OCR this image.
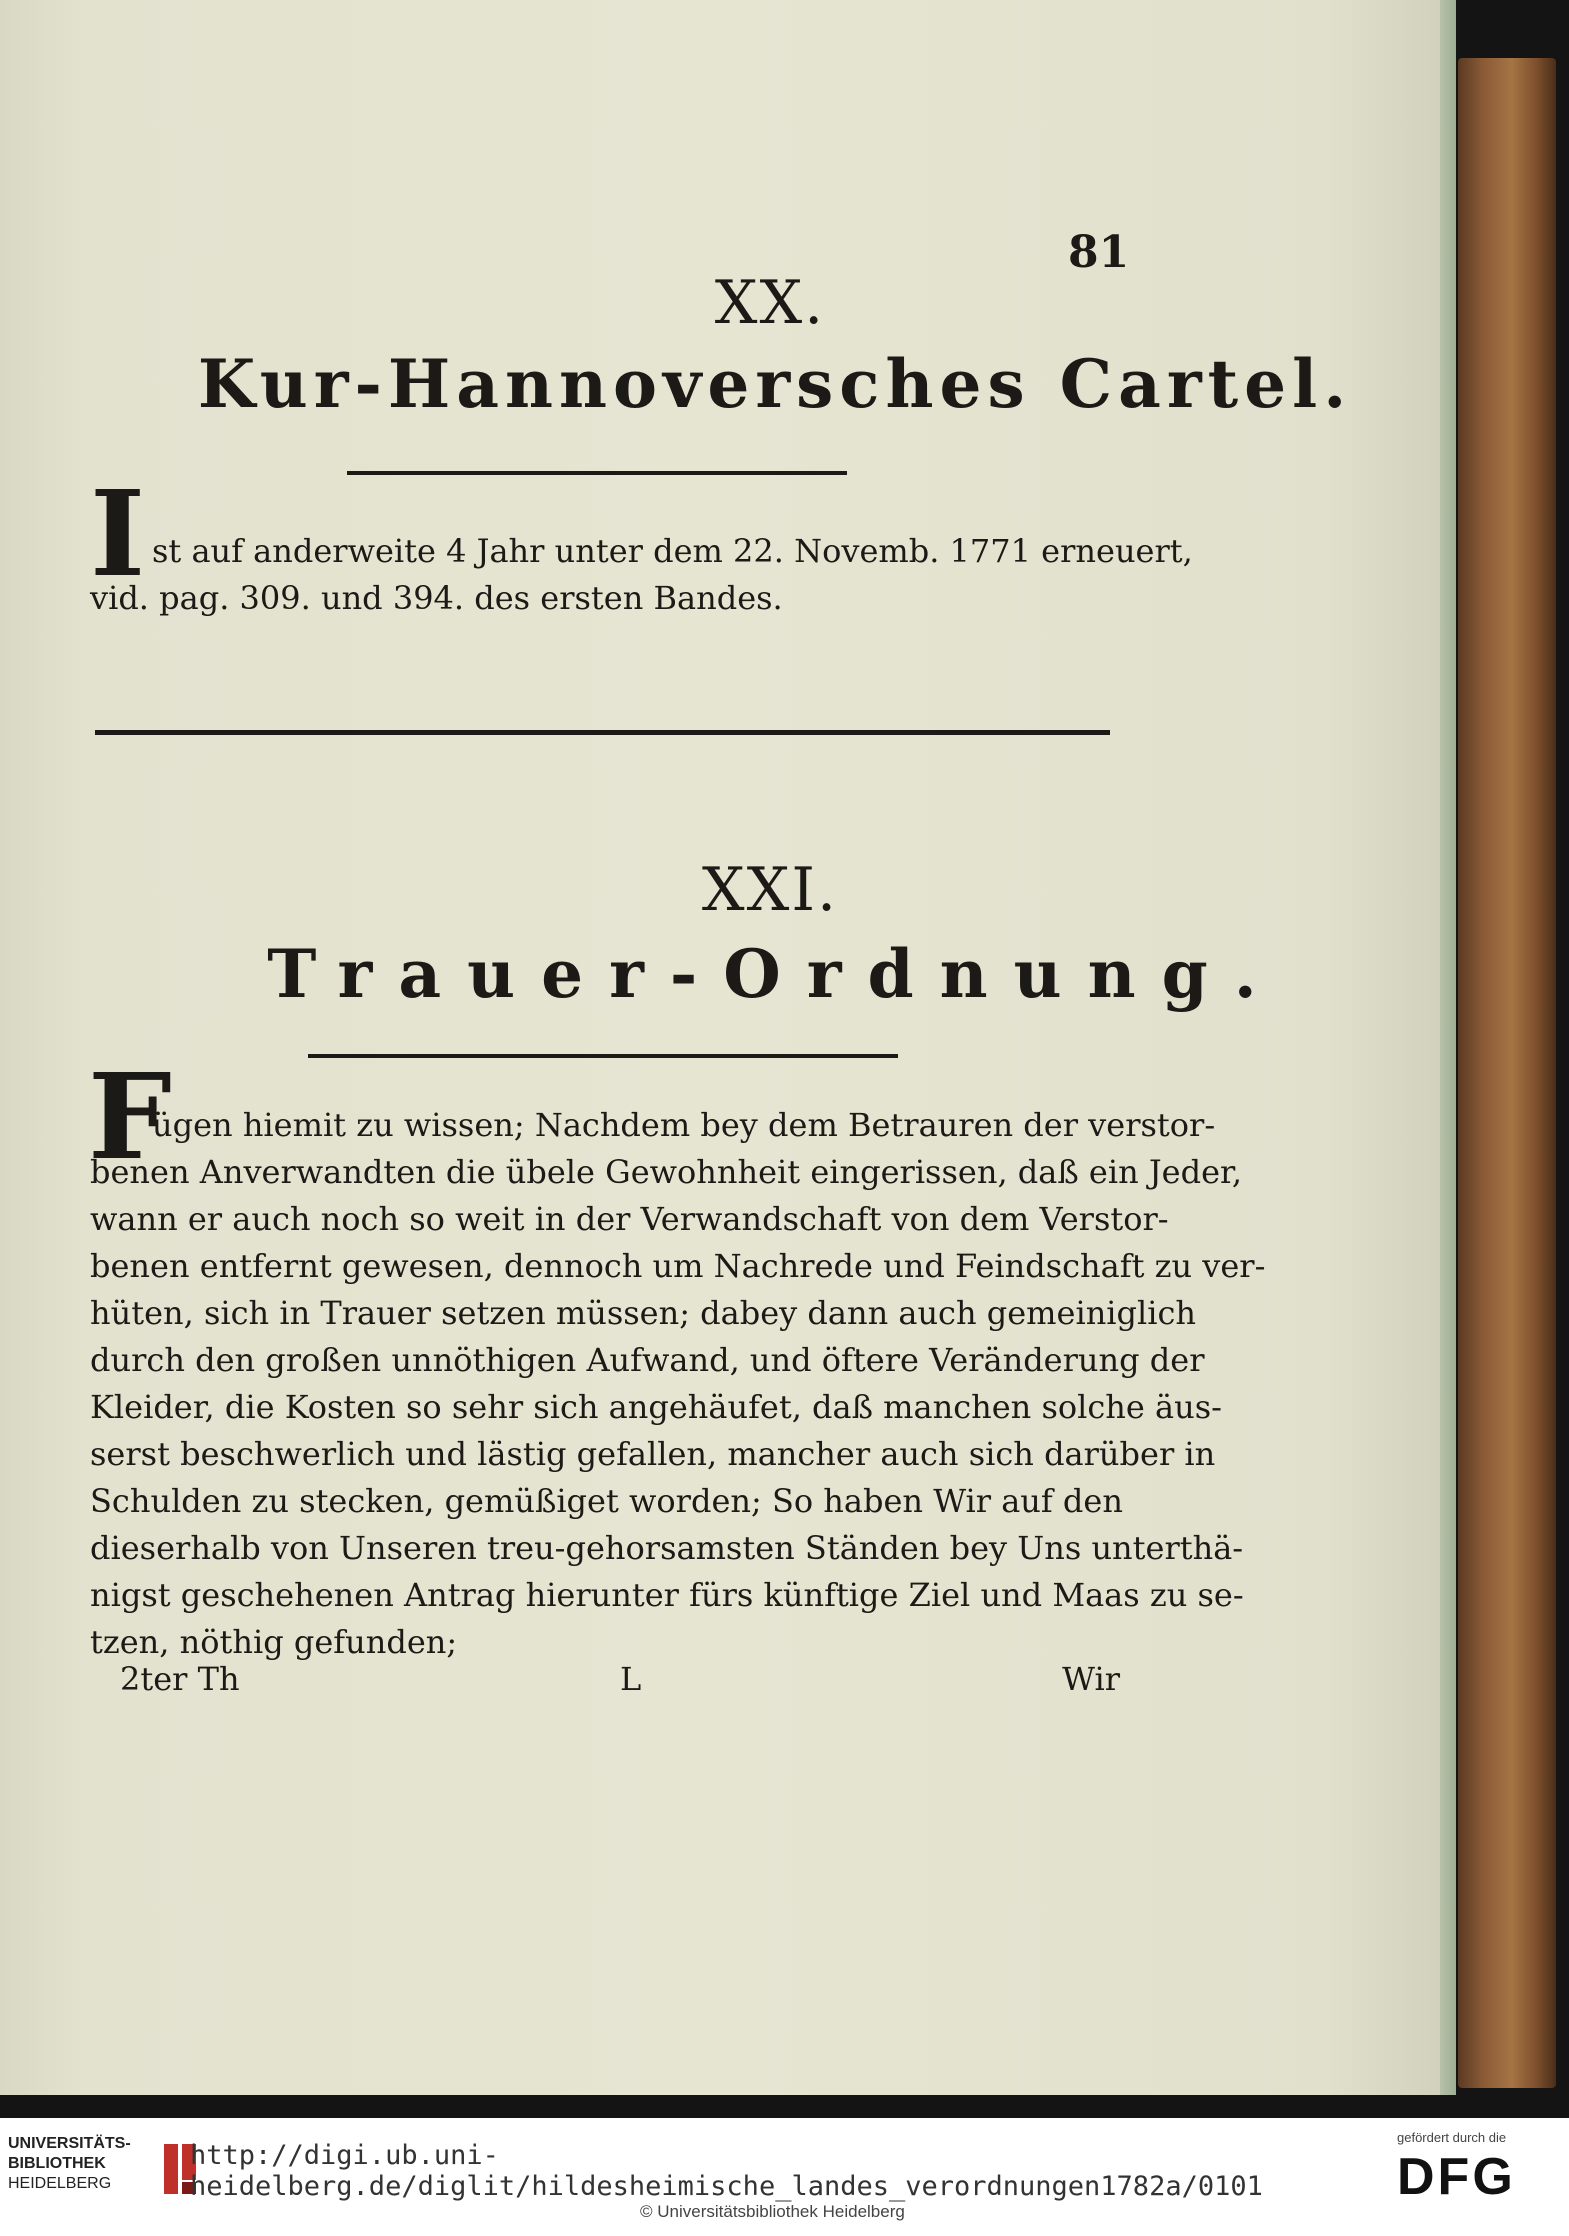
81
XX.
Kur-Hannoversches Cartel.
I st auf anderweite 4 Jahr unter dem 22. Novemb. 1771 erneuert,
vid. pag. 309. und 394. des ersten Bandes.
XXI.
Trauer-Ordnung.
F
ügen hiemit zu wissen; Nachdem bey dem Betrauren der verstor-
benen Anverwandten die übele Gewohnheit eingerissen, daß ein Jeder,
wann er auch noch so weit in der Verwandschaft von dem Verstor-
benen entfernt gewesen, dennoch um Nachrede und Feindschaft zu ver-
hüten, sich in Trauer setzen müssen; dabey dann auch gemeiniglich
durch den großen unnöthigen Aufwand, und öftere Veränderung der
Kleider, die Kosten so sehr sich angehäufet, daß manchen solche äus-
serst beschwerlich und lästig gefallen, mancher auch sich darüber in
Schulden zu stecken, gemüßiget worden; So haben Wir auf den
dieserhalb von Unseren treu-gehorsamsten Ständen bey Uns unterthä-
nigst geschehenen Antrag hierunter fürs künftige Ziel und Maas zu se-
tzen, nöthig gefunden;
2ter Th	L	Wir
UNIVERSITÄTS-
BIBLIOTHEK
HEIDELBERG
http://digi.ub.uni-heidelberg.de/diglit/hildesheimische_landes_verordnungen1782a/0101
© Universitätsbibliothek Heidelberg
gefördert durch die
DFG
